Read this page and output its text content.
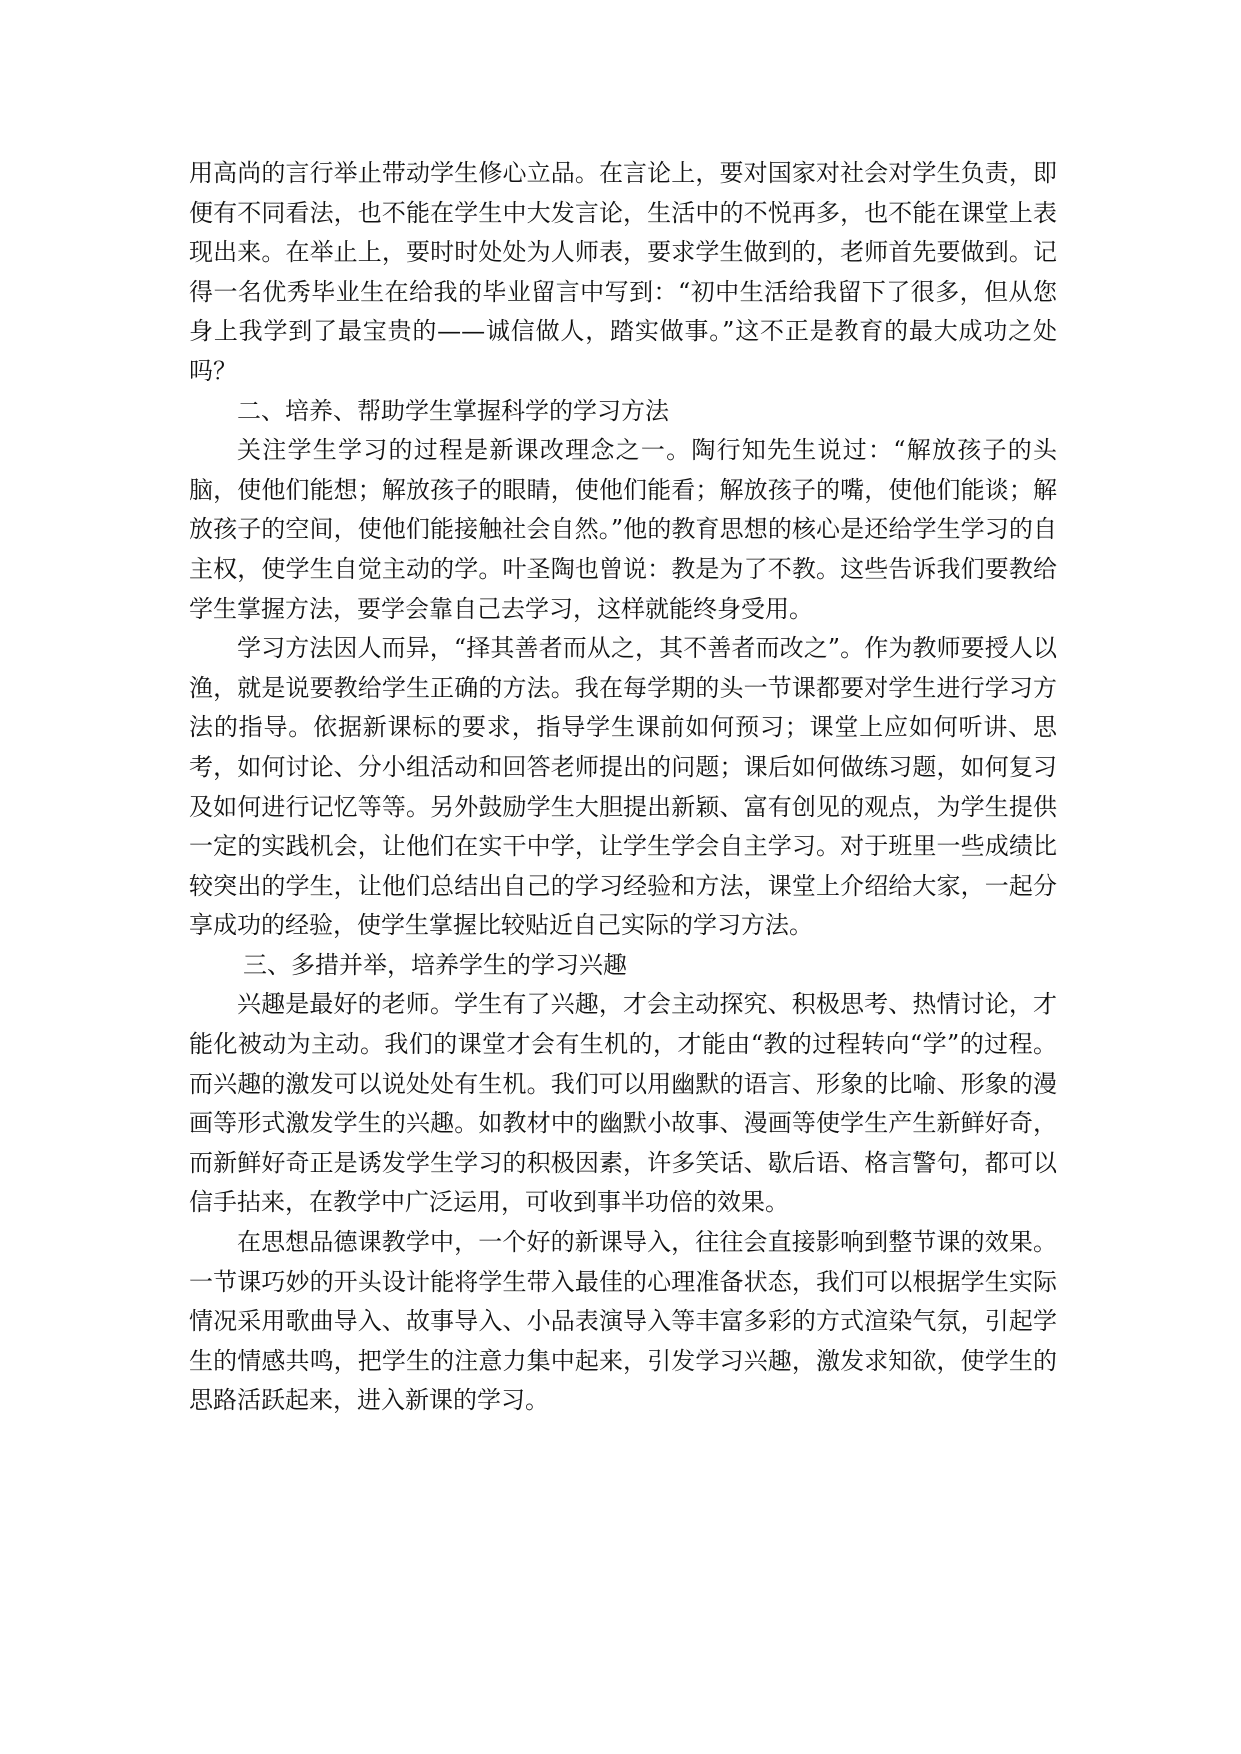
用高尚的言行举止带动学生修心立品。在言论上，要对国家对社会对学生负责，即便有不同看法，也不能在学生中大发言论，生活中的不悦再多，也不能在课堂上表现出来。在举止上，要时时处处为人师表，要求学生做到的，老师首先要做到。记得一名优秀毕业生在给我的毕业留言中写到：“初中生活给我留下了很多，但从您身上我学到了最宝贵的——诚信做人，踏实做事。”这不正是教育的最大成功之处吗？

二、培养、帮助学生掌握科学的学习方法

关注学生学习的过程是新课改理念之一。陶行知先生说过：“解放孩子的头脑，使他们能想；解放孩子的眼睛，使他们能看；解放孩子的嘴，使他们能谈；解放孩子的空间，使他们能接触社会自然。”他的教育思想的核心是还给学生学习的自主权，使学生自觉主动的学。叶圣陶也曾说：教是为了不教。这些告诉我们要教给学生掌握方法，要学会靠自己去学习，这样就能终身受用。

学习方法因人而异，“择其善者而从之，其不善者而改之”。作为教师要授人以渔，就是说要教给学生正确的方法。我在每学期的头一节课都要对学生进行学习方法的指导。依据新课标的要求，指导学生课前如何预习；课堂上应如何听讲、思考，如何讨论、分小组活动和回答老师提出的问题；课后如何做练习题，如何复习及如何进行记忆等等。另外鼓励学生大胆提出新颖、富有创见的观点，为学生提供一定的实践机会，让他们在实干中学，让学生学会自主学习。对于班里一些成绩比较突出的学生，让他们总结出自己的学习经验和方法，课堂上介绍给大家，一起分享成功的经验，使学生掌握比较贴近自己实际的学习方法。

三、多措并举，培养学生的学习兴趣

兴趣是最好的老师。学生有了兴趣，才会主动探究、积极思考、热情讨论，才能化被动为主动。我们的课堂才会有生机的，才能由“教的过程转向“学”的过程。而兴趣的激发可以说处处有生机。我们可以用幽默的语言、形象的比喻、形象的漫画等形式激发学生的兴趣。如教材中的幽默小故事、漫画等使学生产生新鲜好奇，而新鲜好奇正是诱发学生学习的积极因素，许多笑话、歇后语、格言警句，都可以信手拈来，在教学中广泛运用，可收到事半功倍的效果。

在思想品德课教学中，一个好的新课导入，往往会直接影响到整节课的效果。一节课巧妙的开头设计能将学生带入最佳的心理准备状态，我们可以根据学生实际情况采用歌曲导入、故事导入、小品表演导入等丰富多彩的方式渲染气氛，引起学生的情感共鸣，把学生的注意力集中起来，引发学习兴趣，激发求知欲，使学生的思路活跃起来，进入新课的学习。
